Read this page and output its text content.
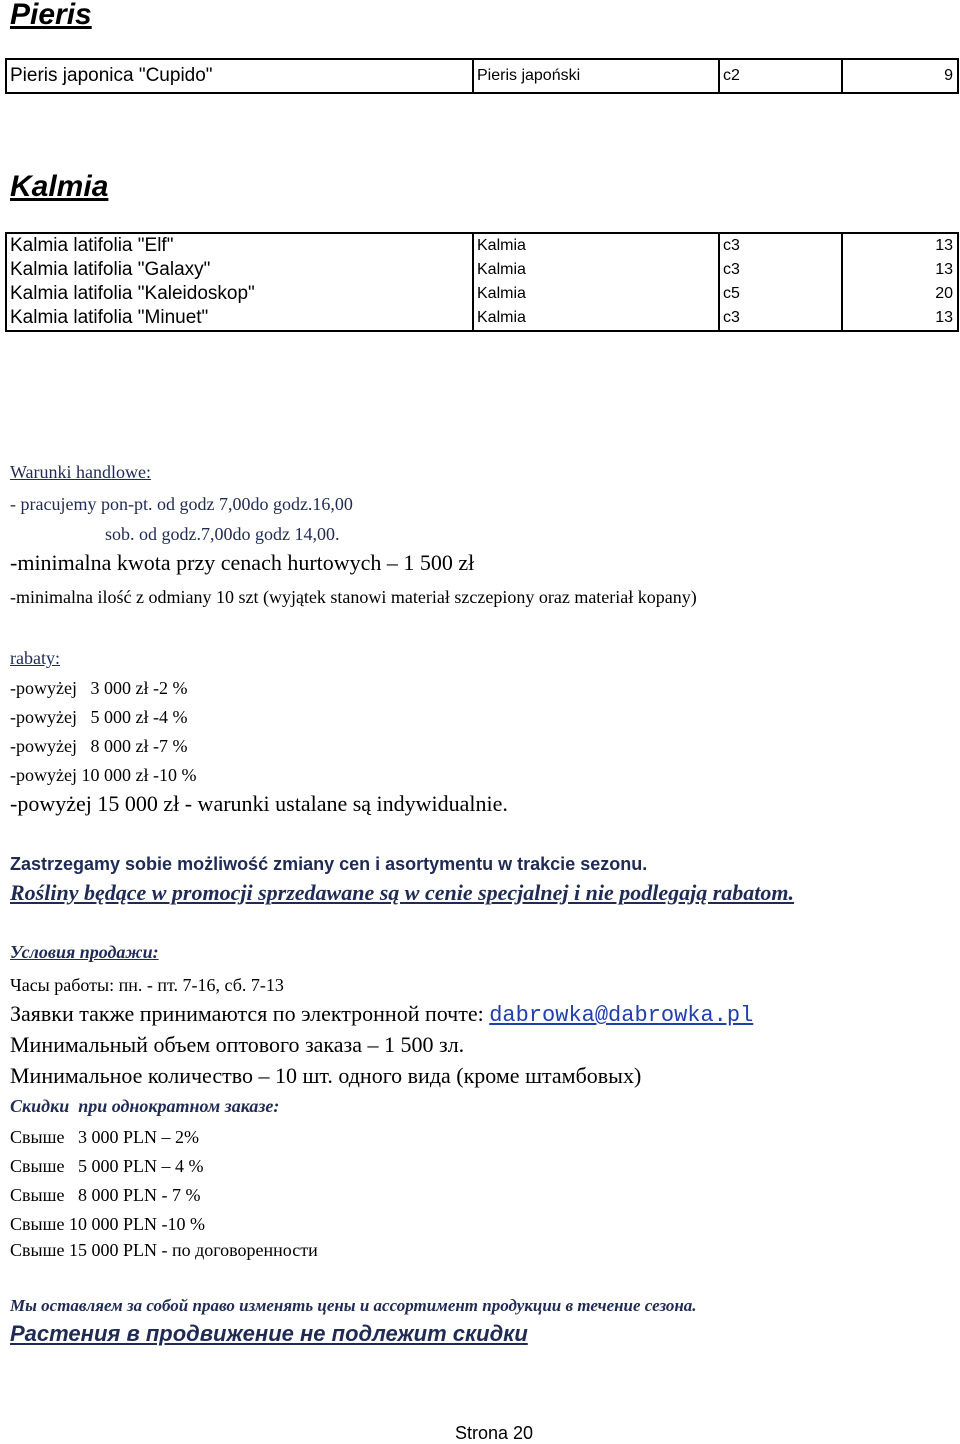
Pieris
Pieris japonica "Cupido"	Pieris japoński	c2	9
Kalmia
Kalmia latifolia "Elf"	Kalmia	c3	13
Kalmia latifolia "Galaxy"	Kalmia	c3	13
Kalmia latifolia "Kaleidoskop"	Kalmia	c5	20
Kalmia latifolia "Minuet"	Kalmia	c3	13
Warunki handlowe:
- pracujemy pon-pt. od godz 7,00do godz.16,00
sob. od godz.7,00do godz 14,00.
-minimalna kwota przy cenach hurtowych – 1 500 zł
-minimalna ilość z odmiany 10 szt (wyjątek stanowi materiał szczepiony oraz materiał kopany)
rabaty:
-powyżej   3 000 zł -2 %
-powyżej   5 000 zł -4 %
-powyżej   8 000 zł -7 %
-powyżej 10 000 zł -10 %
-powyżej 15 000 zł - warunki ustalane są indywidualnie.
Zastrzegamy sobie możliwość zmiany cen i asortymentu w trakcie sezonu.
Rośliny będące w promocji sprzedawane są w cenie specjalnej i nie podlegają rabatom.
Условия продажи:
Часы работы: пн. - пт. 7-16, сб. 7-13
Заявки также принимаются по электронной почте: dabrowka@dabrowka.pl
Минимальный объем оптового заказа – 1 500 зл.
Минимальное количество – 10 шт. одного вида (кроме штамбовых)
Скидки  при однократном заказе:
Свыше   3 000 PLN – 2%
Свыше   5 000 PLN – 4 %
Свыше   8 000 PLN - 7 %
Свыше 10 000 PLN -10 %
Свыше 15 000 PLN - по договоренности
Мы оставляем за собой право изменять цены и ассортимент продукции в течение сезона.
Растения в продвижение не подлежит скидки
Strona 20
